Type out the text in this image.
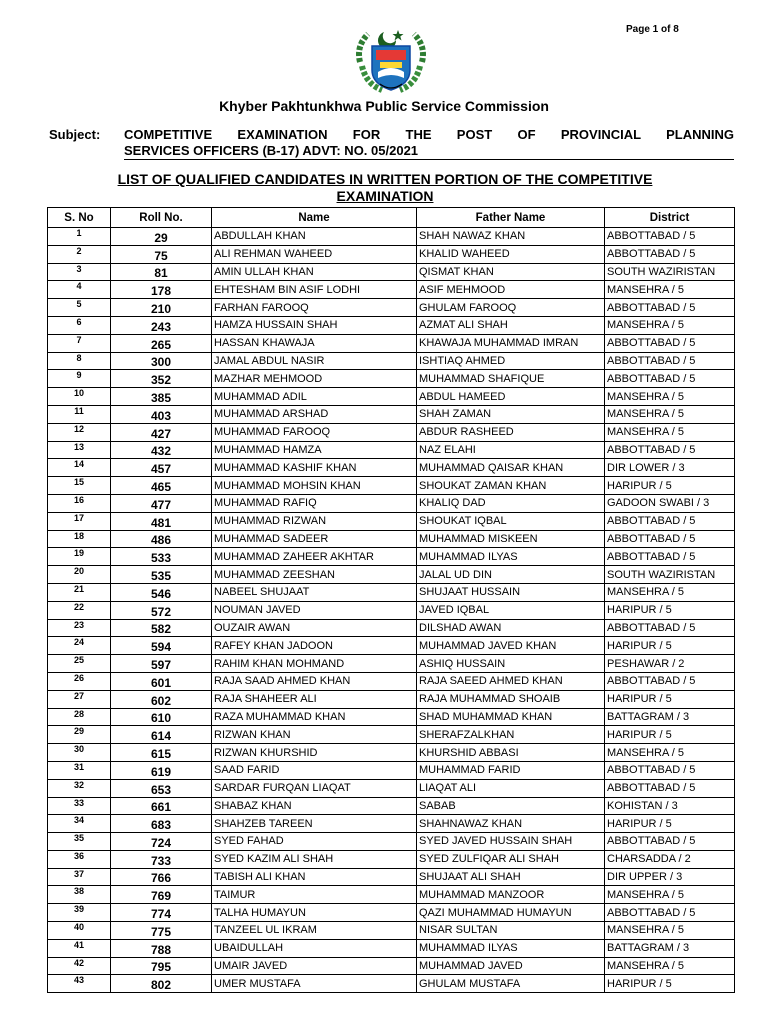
Page 1 of 8
Khyber Pakhtunkhwa Public Service Commission
Subject: COMPETITIVE EXAMINATION FOR THE POST OF PROVINCIAL PLANNING
SERVICES OFFICERS (B-17) ADVT: NO. 05/2021
LIST OF QUALIFIED CANDIDATES IN WRITTEN PORTION OF THE COMPETITIVE
EXAMINATION
S. No	Roll No.	Name	Father Name	District
1	29	ABDULLAH KHAN	SHAH NAWAZ KHAN	ABBOTTABAD / 5
2	75	ALI REHMAN WAHEED	KHALID WAHEED	ABBOTTABAD / 5
3	81	AMIN ULLAH KHAN	QISMAT KHAN	SOUTH WAZIRISTAN
4	178	EHTESHAM BIN ASIF LODHI	ASIF MEHMOOD	MANSEHRA / 5
5	210	FARHAN FAROOQ	GHULAM FAROOQ	ABBOTTABAD / 5
6	243	HAMZA HUSSAIN SHAH	AZMAT ALI SHAH	MANSEHRA / 5
7	265	HASSAN KHAWAJA	KHAWAJA MUHAMMAD IMRAN	ABBOTTABAD / 5
8	300	JAMAL ABDUL NASIR	ISHTIAQ AHMED	ABBOTTABAD / 5
9	352	MAZHAR MEHMOOD	MUHAMMAD SHAFIQUE	ABBOTTABAD / 5
10	385	MUHAMMAD ADIL	ABDUL HAMEED	MANSEHRA / 5
11	403	MUHAMMAD ARSHAD	SHAH ZAMAN	MANSEHRA / 5
12	427	MUHAMMAD FAROOQ	ABDUR RASHEED	MANSEHRA / 5
13	432	MUHAMMAD HAMZA	NAZ ELAHI	ABBOTTABAD / 5
14	457	MUHAMMAD KASHIF KHAN	MUHAMMAD QAISAR KHAN	DIR LOWER / 3
15	465	MUHAMMAD MOHSIN KHAN	SHOUKAT ZAMAN KHAN	HARIPUR / 5
16	477	MUHAMMAD RAFIQ	KHALIQ DAD	GADOON SWABI / 3
17	481	MUHAMMAD RIZWAN	SHOUKAT IQBAL	ABBOTTABAD / 5
18	486	MUHAMMAD SADEER	MUHAMMAD MISKEEN	ABBOTTABAD / 5
19	533	MUHAMMAD ZAHEER AKHTAR	MUHAMMAD ILYAS	ABBOTTABAD / 5
20	535	MUHAMMAD ZEESHAN	JALAL UD DIN	SOUTH WAZIRISTAN
21	546	NABEEL SHUJAAT	SHUJAAT HUSSAIN	MANSEHRA / 5
22	572	NOUMAN JAVED	JAVED IQBAL	HARIPUR / 5
23	582	OUZAIR AWAN	DILSHAD AWAN	ABBOTTABAD / 5
24	594	RAFEY KHAN JADOON	MUHAMMAD JAVED KHAN	HARIPUR / 5
25	597	RAHIM KHAN MOHMAND	ASHIQ HUSSAIN	PESHAWAR / 2
26	601	RAJA SAAD AHMED KHAN	RAJA SAEED AHMED KHAN	ABBOTTABAD / 5
27	602	RAJA SHAHEER ALI	RAJA MUHAMMAD SHOAIB	HARIPUR / 5
28	610	RAZA MUHAMMAD KHAN	SHAD MUHAMMAD KHAN	BATTAGRAM / 3
29	614	RIZWAN KHAN	SHERAFZALKHAN	HARIPUR / 5
30	615	RIZWAN KHURSHID	KHURSHID ABBASI	MANSEHRA / 5
31	619	SAAD FARID	MUHAMMAD FARID	ABBOTTABAD / 5
32	653	SARDAR FURQAN LIAQAT	LIAQAT ALI	ABBOTTABAD / 5
33	661	SHABAZ KHAN	SABAB	KOHISTAN / 3
34	683	SHAHZEB TAREEN	SHAHNAWAZ KHAN	HARIPUR / 5
35	724	SYED FAHAD	SYED JAVED HUSSAIN SHAH	ABBOTTABAD / 5
36	733	SYED KAZIM ALI SHAH	SYED ZULFIQAR ALI SHAH	CHARSADDA / 2
37	766	TABISH ALI KHAN	SHUJAAT ALI SHAH	DIR UPPER / 3
38	769	TAIMUR	MUHAMMAD MANZOOR	MANSEHRA / 5
39	774	TALHA HUMAYUN	QAZI MUHAMMAD HUMAYUN	ABBOTTABAD / 5
40	775	TANZEEL UL IKRAM	NISAR SULTAN	MANSEHRA / 5
41	788	UBAIDULLAH	MUHAMMAD ILYAS	BATTAGRAM / 3
42	795	UMAIR JAVED	MUHAMMAD JAVED	MANSEHRA / 5
43	802	UMER MUSTAFA	GHULAM MUSTAFA	HARIPUR / 5
